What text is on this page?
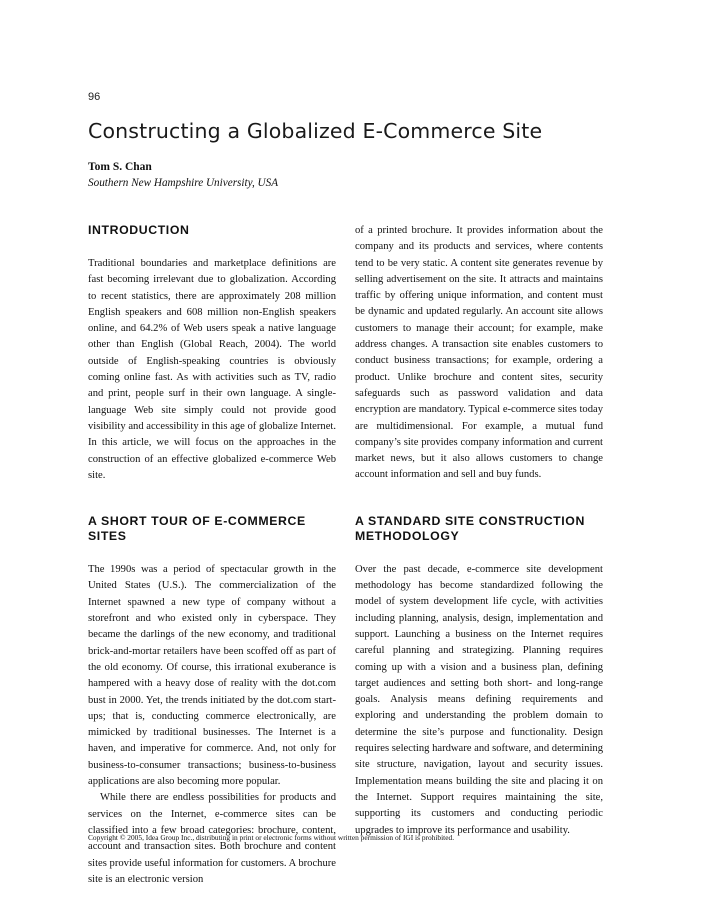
96
Constructing a Globalized E-Commerce Site

Tom S. Chan

Southern New Hampshire University, USA

INTRODUCTION

Traditional boundaries and marketplace definitions are fast becoming irrelevant due to globalization. According to recent statistics, there are approximately 208 million English speakers and 608 million non-English speakers online, and 64.2% of Web users speak a native language other than English (Global Reach, 2004). The world outside of English-speaking countries is obviously coming online fast. As with activities such as TV, radio and print, people surf in their own language. A single-language Web site simply could not provide good visibility and accessibility in this age of globalize Internet. In this article, we will focus on the approaches in the construction of an effective globalized e-commerce Web site.

A SHORT TOUR OF E-COMMERCE SITES

The 1990s was a period of spectacular growth in the United States (U.S.). The commercialization of the Internet spawned a new type of company without a storefront and who existed only in cyberspace. They became the darlings of the new economy, and traditional brick-and-mortar retailers have been scoffed off as part of the old economy. Of course, this irrational exuberance is hampered with a heavy dose of reality with the dot.com bust in 2000. Yet, the trends initiated by the dot.com start-ups; that is, conducting commerce electronically, are mimicked by traditional businesses. The Internet is a haven, and imperative for commerce. And, not only for business-to-consumer transactions; business-to-business applications are also becoming more popular.

While there are endless possibilities for products and services on the Internet, e-commerce sites can be classified into a few broad categories: brochure, content, account and transaction sites. Both brochure and content sites provide useful information for customers. A brochure site is an electronic version

of a printed brochure. It provides information about the company and its products and services, where contents tend to be very static. A content site generates revenue by selling advertisement on the site. It attracts and maintains traffic by offering unique information, and content must be dynamic and updated regularly. An account site allows customers to manage their account; for example, make address changes. A transaction site enables customers to conduct business transactions; for example, ordering a product. Unlike brochure and content sites, security safeguards such as password validation and data encryption are mandatory. Typical e-commerce sites today are multidimensional. For example, a mutual fund company’s site provides company information and current market news, but it also allows customers to change account information and sell and buy funds.

A STANDARD SITE CONSTRUCTION METHODOLOGY

Over the past decade, e-commerce site development methodology has become standardized following the model of system development life cycle, with activities including planning, analysis, design, implementation and support. Launching a business on the Internet requires careful planning and strategizing. Planning requires coming up with a vision and a business plan, defining target audiences and setting both short- and long-range goals. Analysis means defining requirements and exploring and understanding the problem domain to determine the site’s purpose and functionality. Design requires selecting hardware and software, and determining site structure, navigation, layout and security issues. Implementation means building the site and placing it on the Internet. Support requires maintaining the site, supporting its customers and conducting periodic upgrades to improve its performance and usability.

Copyright © 2005, Idea Group Inc., distributing in print or electronic forms without written permission of IGI is prohibited.
